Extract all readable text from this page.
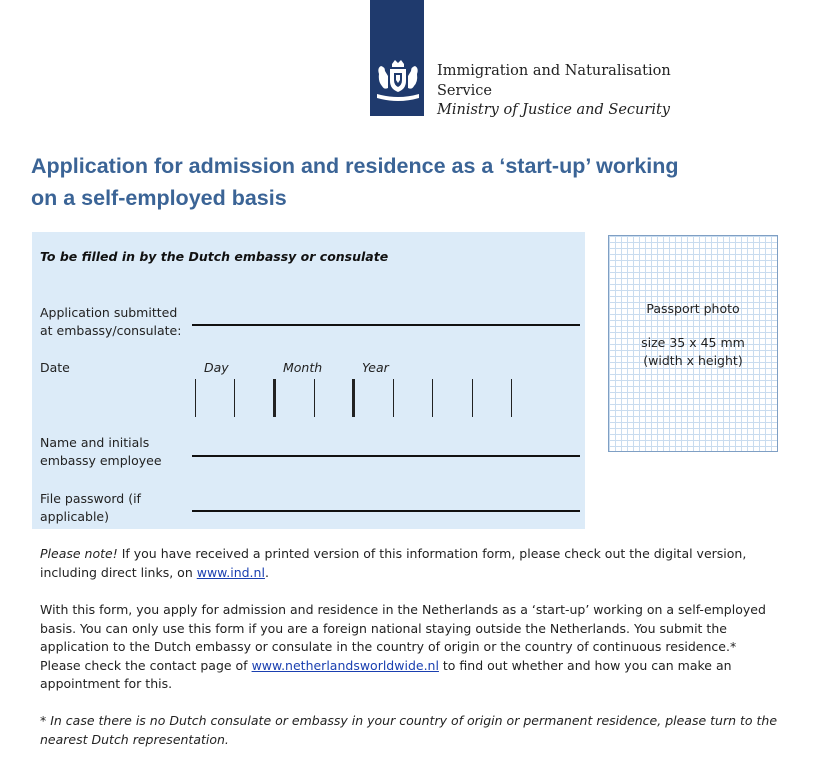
Immigration and Naturalisation
Service
Ministry of Justice and Security
Application for admission and residence as a ‘start-up’ working
on a self-employed basis
To be filled in by the Dutch embassy or consulate
Application submitted
at embassy/consulate:
Date	Day	Month	Year
Name and initials
embassy employee
File password (if
applicable)
Passport photo
size 35 x 45 mm
(width x height)

Please note! If you have received a printed version of this information form, please check out the digital version, including direct links, on www.ind.nl.

With this form, you apply for admission and residence in the Netherlands as a ‘start-up’ working on a self-employed basis. You can only use this form if you are a foreign national staying outside the Netherlands. You submit the application to the Dutch embassy or consulate in the country of origin or the country of continuous residence.* Please check the contact page of www.netherlandsworldwide.nl to find out whether and how you can make an appointment for this.

* In case there is no Dutch consulate or embassy in your country of origin or permanent residence, please turn to the nearest Dutch representation.
